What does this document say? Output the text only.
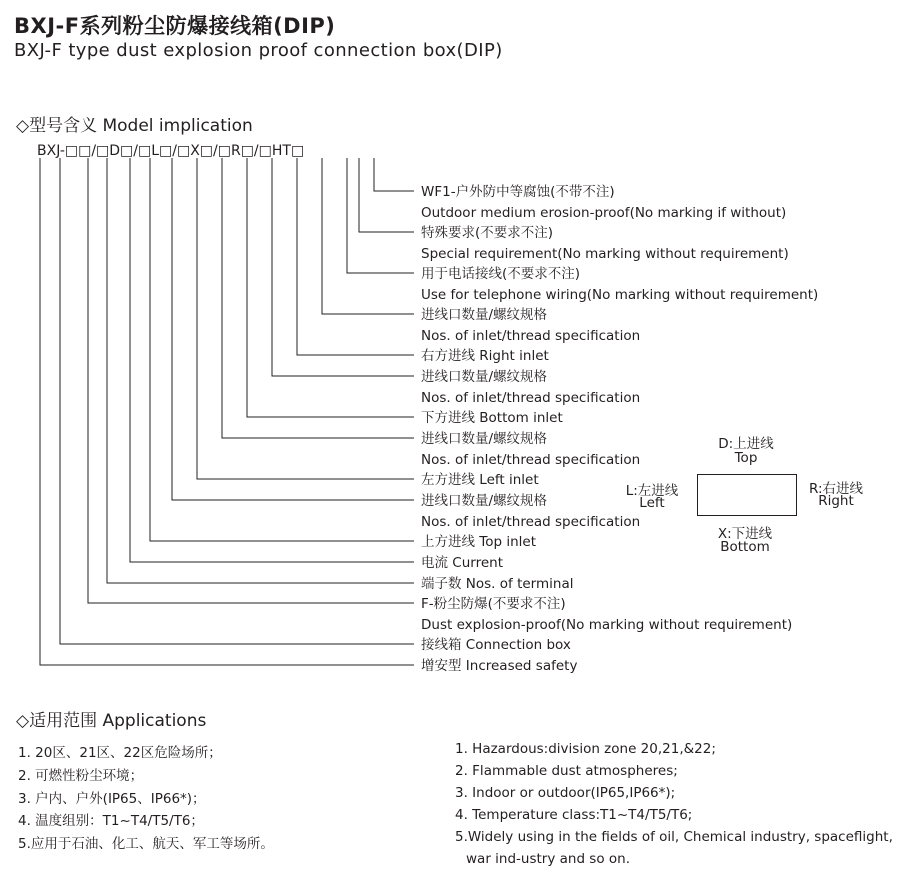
BXJ-F系列粉尘防爆接线箱(DIP)
BXJ-F type dust explosion proof connection box(DIP)
◇型号含义 Model implication
BXJ-□□/□D□/□L□/□X□/□R□/□HT□
WF1-户外防中等腐蚀(不带不注)
Outdoor medium erosion-proof(No marking if without)
特殊要求(不要求不注)
Special requirement(No marking without requirement)
用于电话接线(不要求不注)
Use for telephone wiring(No marking without requirement)
进线口数量/螺纹规格
Nos. of inlet/thread specification
右方进线 Right inlet
进线口数量/螺纹规格
Nos. of inlet/thread specification
下方进线 Bottom inlet
进线口数量/螺纹规格
Nos. of inlet/thread specification
左方进线 Left inlet
进线口数量/螺纹规格
Nos. of inlet/thread specification
上方进线 Top inlet
电流 Current
端子数 Nos. of terminal
F-粉尘防爆(不要求不注)
Dust explosion-proof(No marking without requirement)
接线箱 Connection box
增安型 Increased safety
D:上进线
Top
L:左进线
Left
R:右进线
Right
X:下进线
Bottom
◇适用范围 Applications
1. 20区、21区、22区危险场所；
2. 可燃性粉尘环境；
3. 户内、户外(IP65、IP66*)；
4. 温度组别：T1~T4/T5/T6；
5.应用于石油、化工、航天、军工等场所。
1. Hazardous:division zone 20,21,&22;
2. Flammable dust atmospheres;
3. Indoor or outdoor(IP65,IP66*);
4. Temperature class:T1~T4/T5/T6;
5.Widely using in the fields of oil, Chemical industry, spaceflight,
war ind-ustry and so on.
